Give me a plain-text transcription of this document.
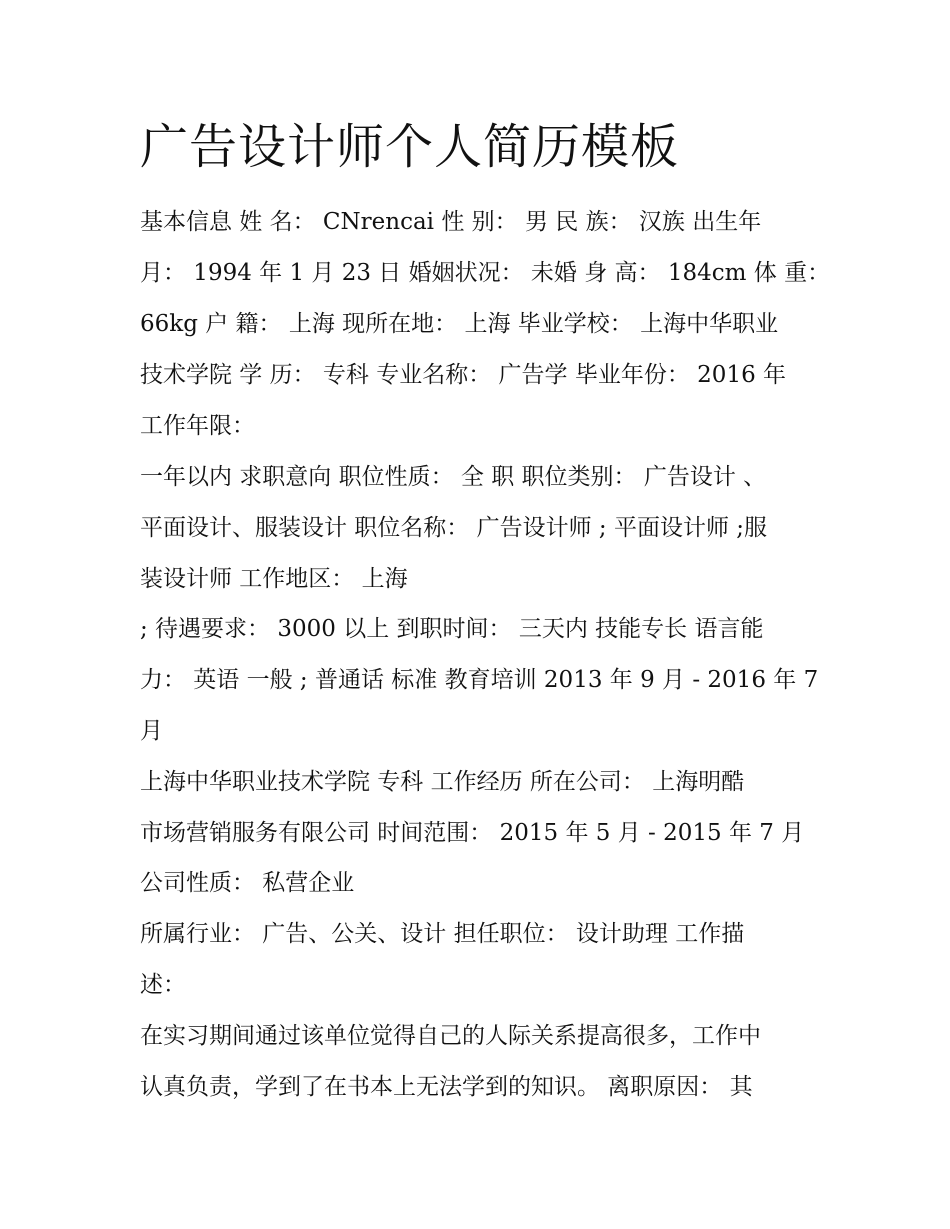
广告设计师个人简历模板

基本信息 姓 名： CNrencai 性 别： 男 民 族： 汉族 出生年

月： 1994 年 1 月 23 日 婚姻状况： 未婚 身 高： 184cm 体 重：

66kg 户 籍： 上海 现所在地： 上海 毕业学校： 上海中华职业

技术学院 学 历： 专科 专业名称： 广告学 毕业年份： 2016 年

工作年限：

一年以内 求职意向 职位性质： 全 职 职位类别： 广告设计 、

平面设计、服装设计 职位名称： 广告设计师 ; 平面设计师 ;服

装设计师 工作地区： 上海

; 待遇要求： 3000 以上 到职时间： 三天内 技能专长 语言能

力： 英语 一般 ; 普通话 标准 教育培训 2013 年 9 月 - 2016 年 7

月

上海中华职业技术学院 专科 工作经历 所在公司： 上海明酷

市场营销服务有限公司 时间范围： 2015 年 5 月 - 2015 年 7 月

公司性质： 私营企业

所属行业： 广告、公关、设计 担任职位： 设计助理 工作描

述：

在实习期间通过该单位觉得自己的人际关系提高很多，工作中

认真负责，学到了在书本上无法学到的知识。 离职原因： 其
